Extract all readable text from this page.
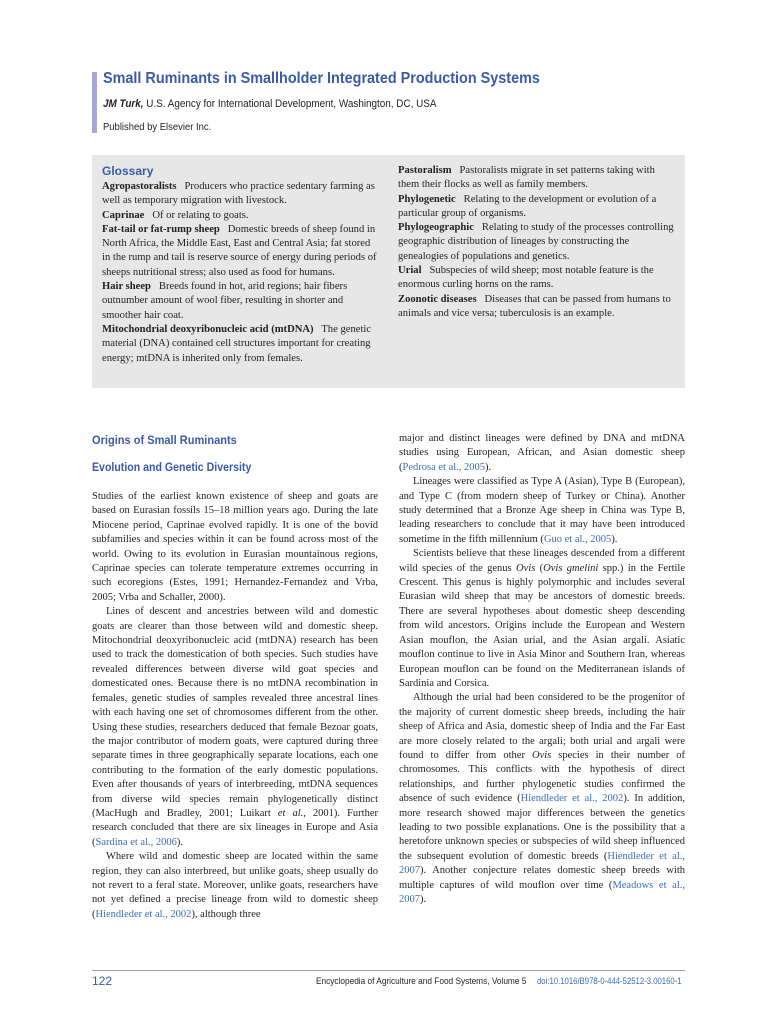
Small Ruminants in Smallholder Integrated Production Systems
JM Turk, U.S. Agency for International Development, Washington, DC, USA
Published by Elsevier Inc.
Glossary

Agropastoralists Producers who practice sedentary farming as well as temporary migration with livestock.

Caprinae Of or relating to goats.

Fat-tail or fat-rump sheep Domestic breeds of sheep found in North Africa, the Middle East, East and Central Asia; fat stored in the rump and tail is reserve source of energy during periods of sheeps nutritional stress; also used as food for humans.

Hair sheep Breeds found in hot, arid regions; hair fibers outnumber amount of wool fiber, resulting in shorter and smoother hair coat.

Mitochondrial deoxyribonucleic acid (mtDNA) The genetic material (DNA) contained cell structures important for creating energy; mtDNA is inherited only from females.

Pastoralism Pastoralists migrate in set patterns taking with them their flocks as well as family members.

Phylogenetic Relating to the development or evolution of a particular group of organisms.

Phylogeographic Relating to study of the processes controlling geographic distribution of lineages by constructing the genealogies of populations and genetics.

Urial Subspecies of wild sheep; most notable feature is the enormous curling horns on the rams.

Zoonotic diseases Diseases that can be passed from humans to animals and vice versa; tuberculosis is an example.

Origins of Small Ruminants
Evolution and Genetic Diversity

Studies of the earliest known existence of sheep and goats are based on Eurasian fossils 15–18 million years ago. During the late Miocene period, Caprinae evolved rapidly. It is one of the bovid subfamilies and species within it can be found across most of the world. Owing to its evolution in Eurasian mountainous regions, Caprinae species can tolerate temperature extremes occurring in such ecoregions (Estes, 1991; Hernandez-Fernandez and Vrba, 2005; Vrba and Schaller, 2000).

Lines of descent and ancestries between wild and domestic goats are clearer than those between wild and domestic sheep. Mitochondrial deoxyribonucleic acid (mtDNA) research has been used to track the domestication of both species. Such studies have revealed differences between diverse wild goat species and domesticated ones. Because there is no mtDNA recombination in females, genetic studies of samples revealed three ancestral lines with each having one set of chromosomes different from the other. Using these studies, researchers deduced that female Bezoar goats, the major contributor of modern goats, were captured during three separate times in three geographically separate locations, each one contributing to the formation of the early domestic populations. Even after thousands of years of interbreeding, mtDNA sequences from diverse wild species remain phylogenetically distinct (MacHugh and Bradley, 2001; Luikart et al., 2001). Further research concluded that there are six lineages in Europe and Asia (Sardina et al., 2006).

Where wild and domestic sheep are located within the same region, they can also interbreed, but unlike goats, sheep usually do not revert to a feral state. Moreover, unlike goats, researchers have not yet defined a precise lineage from wild to domestic sheep (Hiendleder et al., 2002), although three

major and distinct lineages were defined by DNA and mtDNA studies using European, African, and Asian domestic sheep (Pedrosa et al., 2005).

Lineages were classified as Type A (Asian), Type B (European), and Type C (from modern sheep of Turkey or China). Another study determined that a Bronze Age sheep in China was Type B, leading researchers to conclude that it may have been introduced sometime in the fifth millennium (Guo et al., 2005).

Scientists believe that these lineages descended from a different wild species of the genus Ovis (Ovis gmelini spp.) in the Fertile Crescent. This genus is highly polymorphic and includes several Eurasian wild sheep that may be ancestors of domestic breeds. There are several hypotheses about domestic sheep descending from wild ancestors. Origins include the European and Western Asian mouflon, the Asian urial, and the Asian argali. Asiatic mouflon continue to live in Asia Minor and Southern Iran, whereas European mouflon can be found on the Mediterranean islands of Sardinia and Corsica.

Although the urial had been considered to be the progenitor of the majority of current domestic sheep breeds, including the hair sheep of Africa and Asia, domestic sheep of India and the Far East are more closely related to the argali; both urial and argali were found to differ from other Ovis species in their number of chromosomes. This conflicts with the hypothesis of direct relationships, and further phylogenetic studies confirmed the absence of such evidence (Hiendleder et al., 2002). In addition, more research showed major differences between the genetics leading to two possible explanations. One is the possibility that a heretofore unknown species or subspecies of wild sheep influenced the subsequent evolution of domestic breeds (Hiendleder et al., 2007). Another conjecture relates domestic sheep breeds with multiple captures of wild mouflon over time (Meadows et al., 2007).

122	Encyclopedia of Agriculture and Food Systems, Volume 5 doi:10.1016/B978-0-444-52512-3.00160-1
